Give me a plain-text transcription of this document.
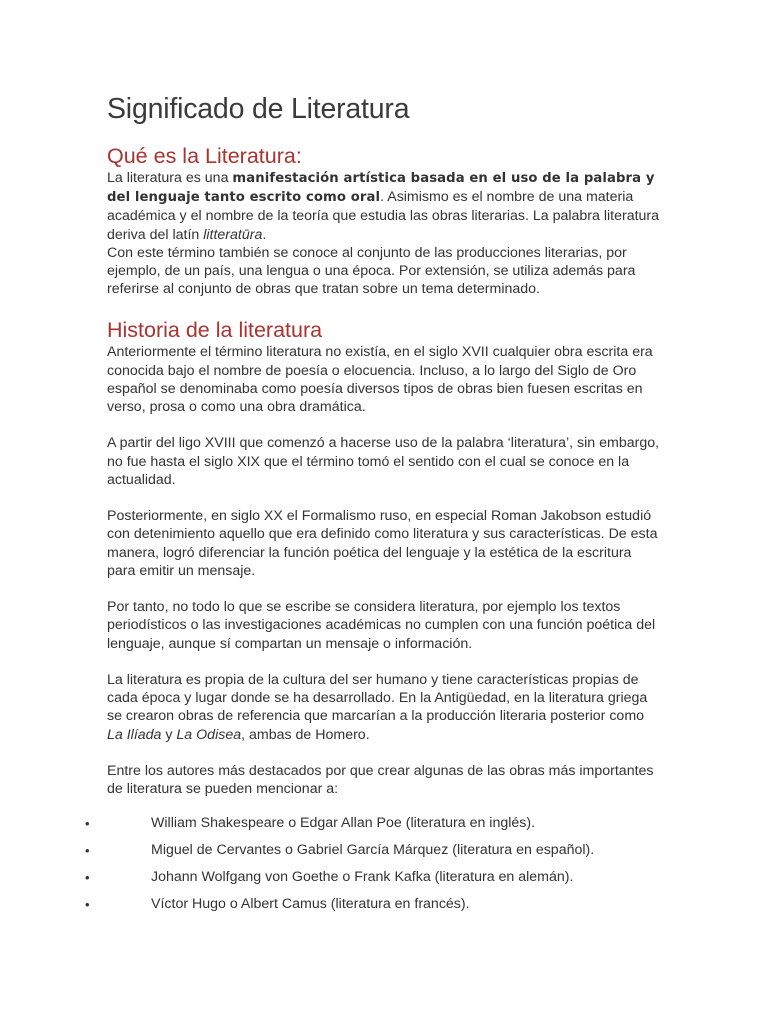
Significado de Literatura
Qué es la Literatura:

La literatura es una manifestación artística basada en el uso de la palabra y del lenguaje tanto escrito como oral. Asimismo es el nombre de una materia académica y el nombre de la teoría que estudia las obras literarias. La palabra literatura deriva del latín litteratūra.

Con este término también se conoce al conjunto de las producciones literarias, por ejemplo, de un país, una lengua o una época. Por extensión, se utiliza además para referirse al conjunto de obras que tratan sobre un tema determinado.

Historia de la literatura

Anteriormente el término literatura no existía, en el siglo XVII cualquier obra escrita era conocida bajo el nombre de poesía o elocuencia. Incluso, a lo largo del Siglo de Oro español se denominaba como poesía diversos tipos de obras bien fuesen escritas en verso, prosa o como una obra dramática.

A partir del ligo XVIII que comenzó a hacerse uso de la palabra ‘literatura’, sin embargo, no fue hasta el siglo XIX que el término tomó el sentido con el cual se conoce en la actualidad.

Posteriormente, en siglo XX el Formalismo ruso, en especial Roman Jakobson estudió con detenimiento aquello que era definido como literatura y sus características. De esta manera, logró diferenciar la función poética del lenguaje y la estética de la escritura para emitir un mensaje.

Por tanto, no todo lo que se escribe se considera literatura, por ejemplo los textos periodísticos o las investigaciones académicas no cumplen con una función poética del lenguaje, aunque sí compartan un mensaje o información.

La literatura es propia de la cultura del ser humano y tiene características propias de cada época y lugar donde se ha desarrollado. En la Antigüedad, en la literatura griega se crearon obras de referencia que marcarían a la producción literaria posterior como La Ilíada y La Odisea, ambas de Homero.

Entre los autores más destacados por que crear algunas de las obras más importantes de literatura se pueden mencionar a:

•	William Shakespeare o Edgar Allan Poe (literatura en inglés).
•	Miguel de Cervantes o Gabriel García Márquez (literatura en español).
•	Johann Wolfgang von Goethe o Frank Kafka (literatura en alemán).
•	Víctor Hugo o Albert Camus (literatura en francés).
